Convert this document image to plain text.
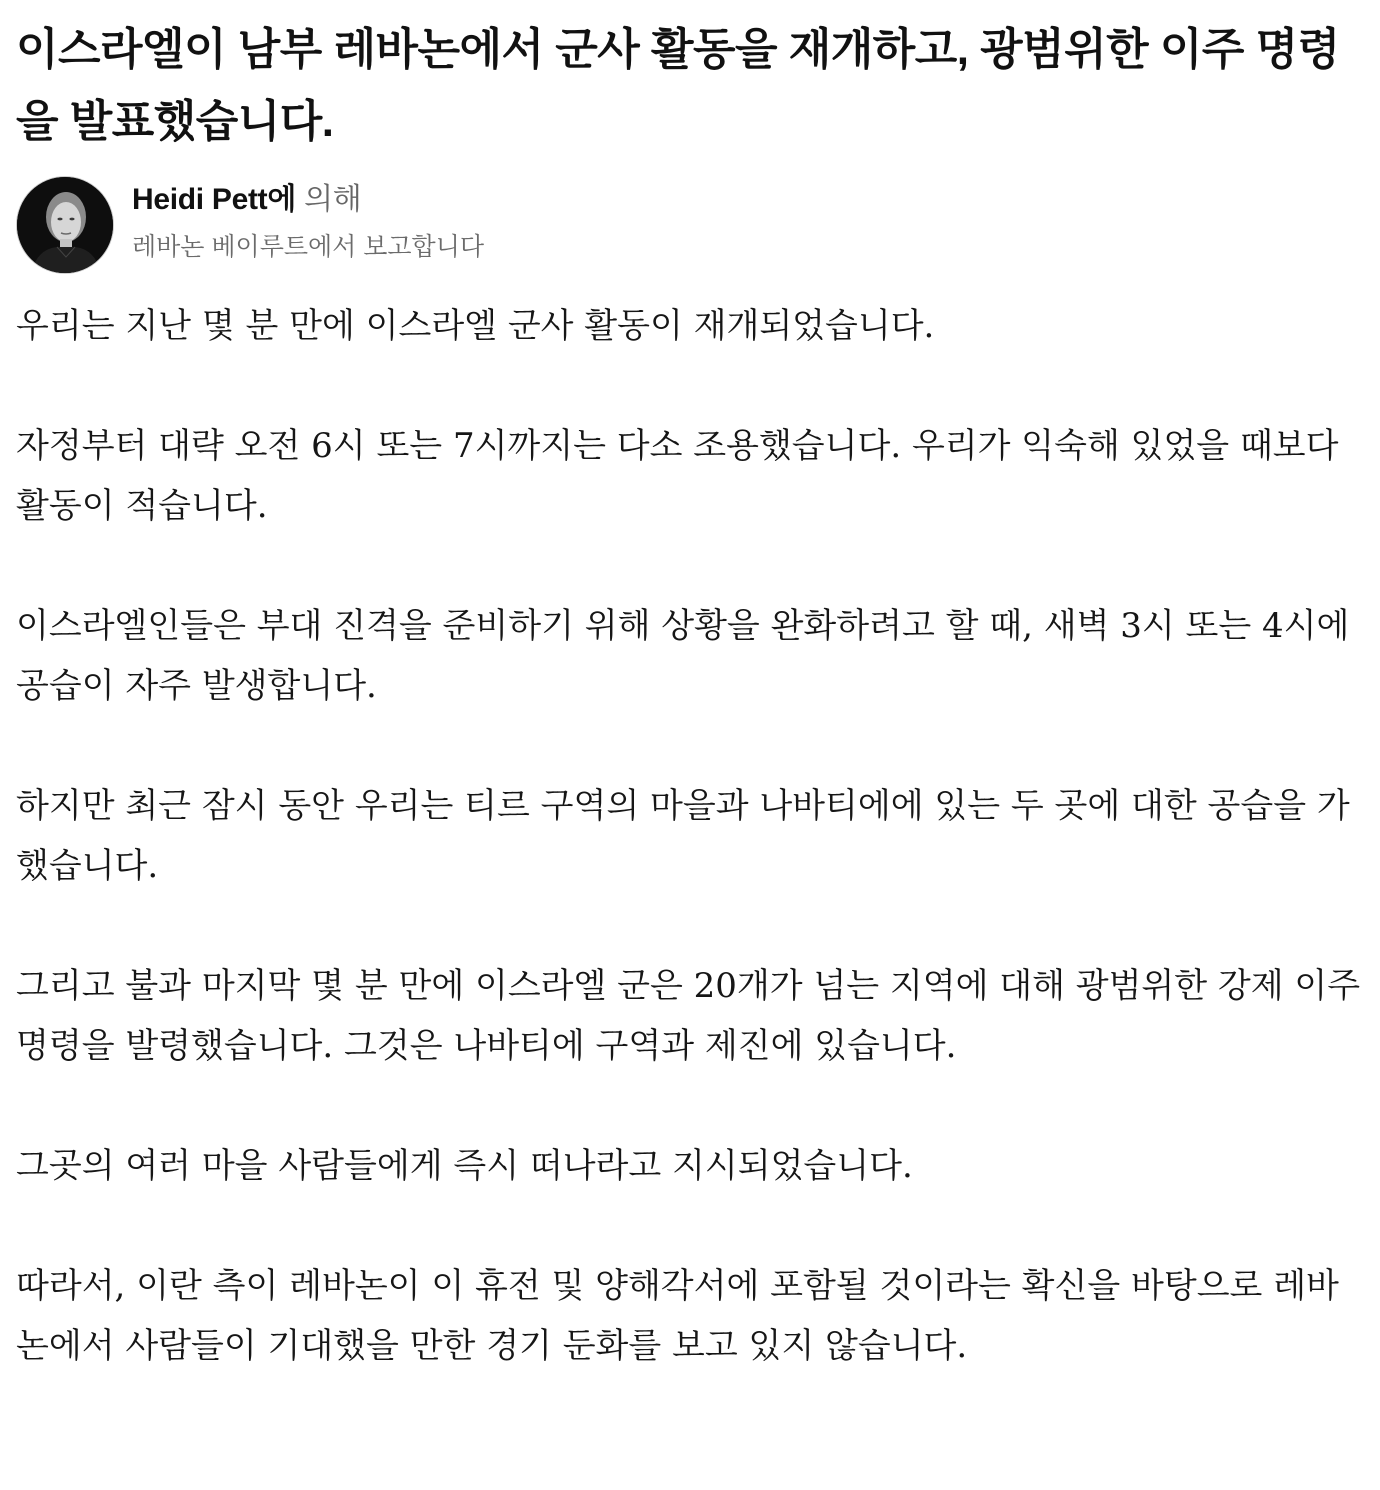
이스라엘이 남부 레바논에서 군사 활동을 재개하고, 광범위한 이주 명령을 발표했습니다.
Heidi Pett에 의해
레바논 베이루트에서 보고합니다

우리는 지난 몇 분 만에 이스라엘 군사 활동이 재개되었습니다.

자정부터 대략 오전 6시 또는 7시까지는 다소 조용했습니다. 우리가 익숙해 있었을 때보다 활동이 적습니다.

이스라엘인들은 부대 진격을 준비하기 위해 상황을 완화하려고 할 때, 새벽 3시 또는 4시에 공습이 자주 발생합니다.

하지만 최근 잠시 동안 우리는 티르 구역의 마을과 나바티에에 있는 두 곳에 대한 공습을 가했습니다.

그리고 불과 마지막 몇 분 만에 이스라엘 군은 20개가 넘는 지역에 대해 광범위한 강제 이주 명령을 발령했습니다. 그것은 나바티에 구역과 제진에 있습니다.

그곳의 여러 마을 사람들에게 즉시 떠나라고 지시되었습니다.

따라서, 이란 측이 레바논이 이 휴전 및 양해각서에 포함될 것이라는 확신을 바탕으로 레바논에서 사람들이 기대했을 만한 경기 둔화를 보고 있지 않습니다.
